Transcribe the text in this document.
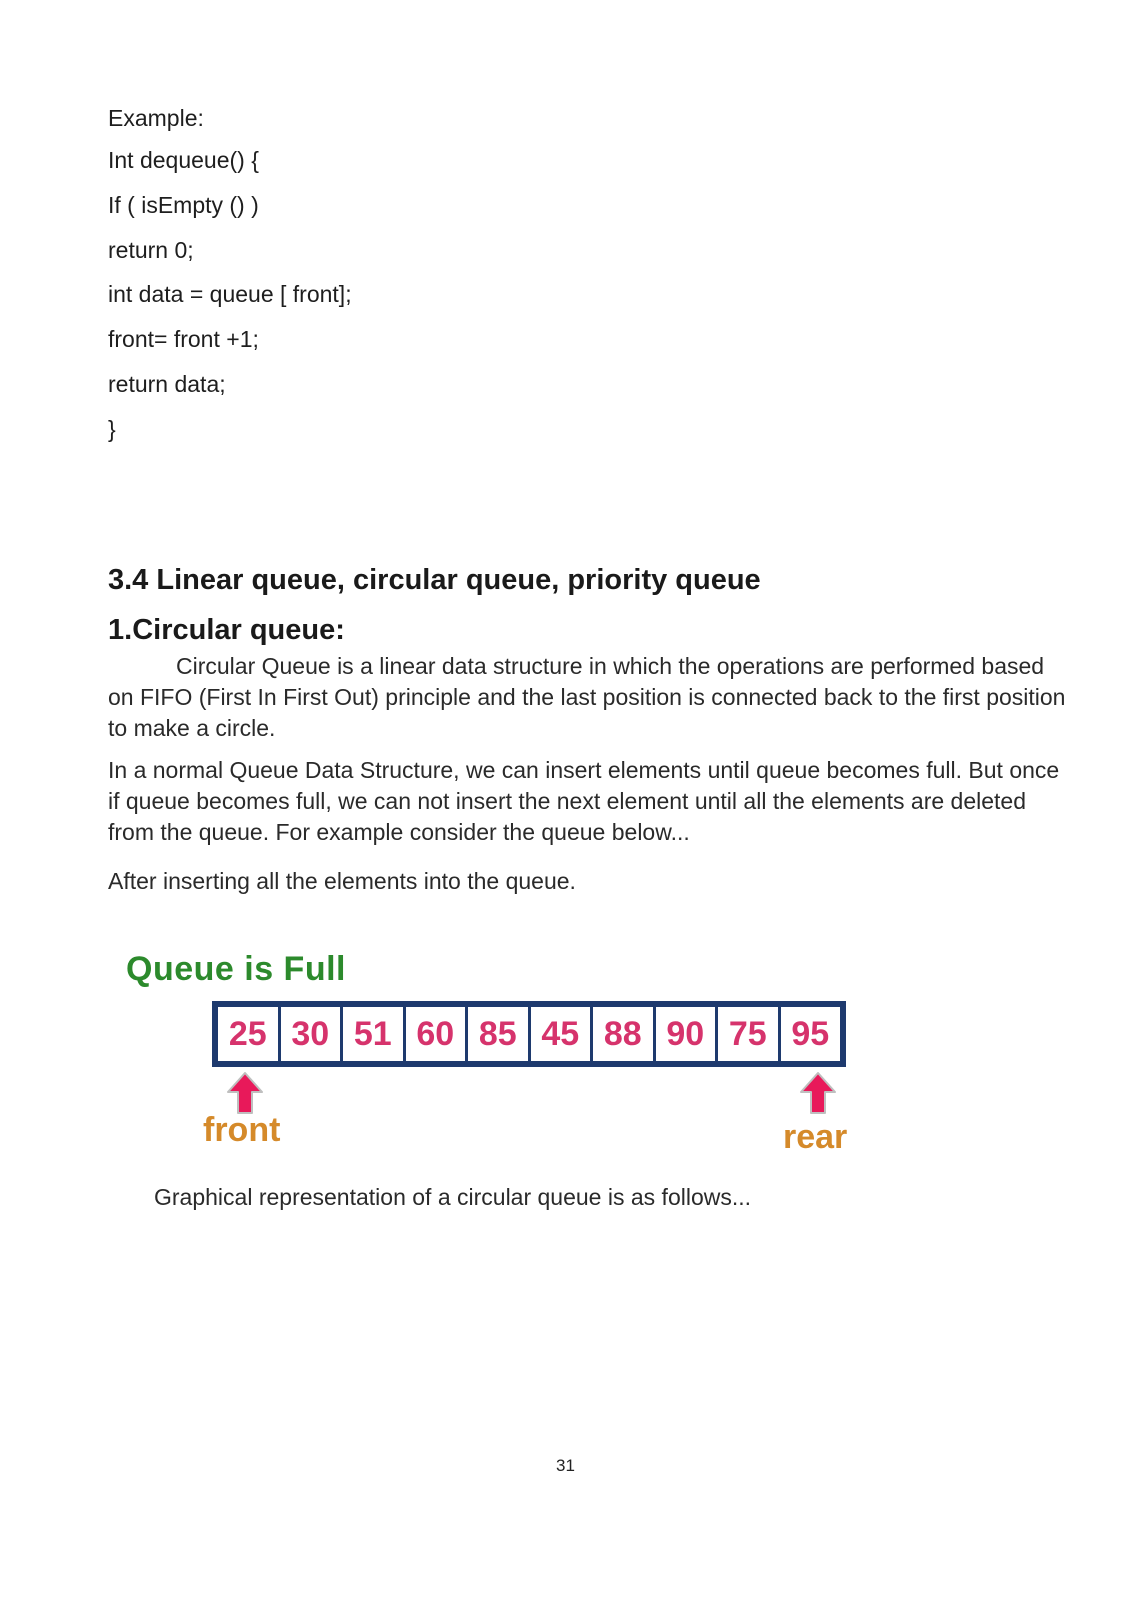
Example:
Int dequeue() {
If ( isEmpty () )
return 0;
int data = queue [ front];
front= front +1;
return data;
}
3.4 Linear queue, circular queue, priority queue
1.Circular queue:

Circular Queue is a linear data structure in which the operations are performed based on FIFO (First In First Out) principle and the last position is connected back to the first position to make a circle.

In a normal Queue Data Structure, we can insert elements until queue becomes full. But once if queue becomes full, we can not insert the next element until all the elements are deleted from the queue. For example consider the queue below...

After inserting all the elements into the queue.

Queue is Full
25 30 51 60 85 45 88 90 75 95
front	rear

Graphical representation of a circular queue is as follows...

31
